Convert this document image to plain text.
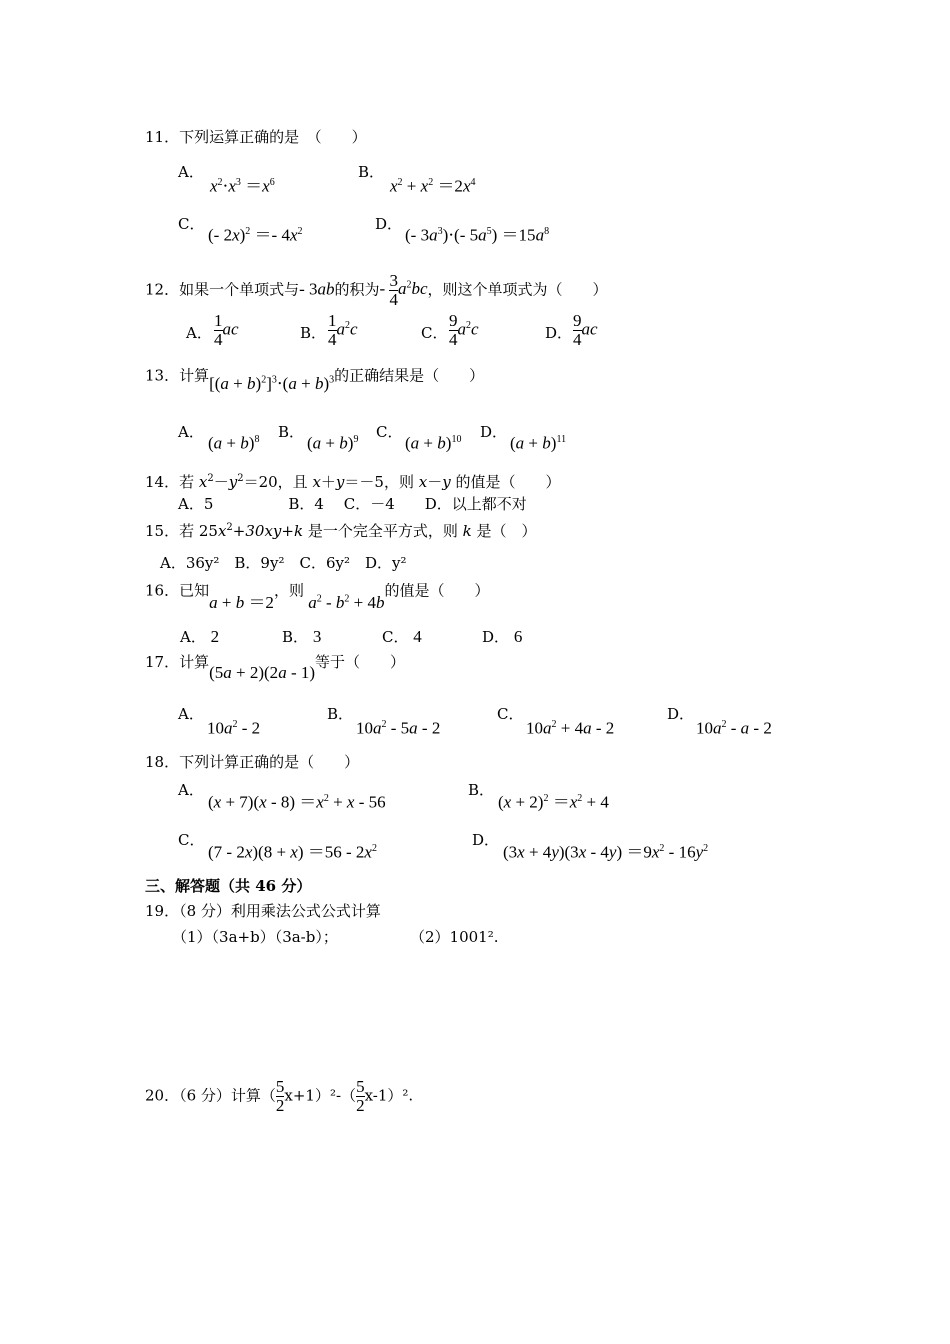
11．下列运算正确的是　（　　）
A．
$x^2\cdot x^3 =x^6$
B．
$x^2 + x^2 =2x^4$
C．
(- $2x)^2 =- 4x^2$	D．
(- $3a^3)\cdot(-$ $5a^5) =15a^8$
12．如果一个单项式与- 3ab的积为- $\frac{3}{4} a^2bc$，则这个单项式为（　　）
A． $\frac{1}{4}$ ac	B． $\frac{1}{4} a^2c$	C． $\frac{9}{4} a^2c$	D． $\frac{9}{4}$ ac
13．计算$[(a + b)^2]^3\cdot(a + b)^3$的正确结果是（　　）
A．
$(a + b)^8$ B．
$(a + b)^9$ C．
$(a + b)^{10}$ D．
$(a + b)^{11}$
14．若 $x^2-y^2=20$，且 x＋y＝－5，则 x－y 的值是（　　）
A．5　　　　　B．4　 C．－4　　D．以上都不对
15．若 $25x^2+30xy+k$ 是一个完全平方式，则 k 是（　）
A．36y²　B．9y²　C．6y²　D．y²
16．已知a + b ＝2，则 $a^2 - b^2 + 4b$的值是（　　）
A． 2	B． 3	C． 4	D． 6
17．计算(5a + 2)(2a - 1)等于（　　）
A．
$10a^2 - 2$
B．
$10a^2 - 5a - 2$
C．
$10a^2 + 4a - 2$
D．
$10a^2$ - a - 2
18．下列计算正确的是（　　）
A．
$(x + 7)(x - 8) =x^2 + x - 56$
B．
$(x + 2)^2 =x^2 + 4$
C．
$(7 - 2x)(8 + x) =56 - 2x^2$	D．
$(3x + 4y)(3x - 4y) =9x^2 - 16y^2$
三、解答题（共 46 分）
19．（8 分）利用乘法公式公式计算
（1）（3a+b）（3a-b）；	（2）1001².
20．（6 分）计算（ $\frac{5}{2} x+1)^2-( \frac{5}{2} x-1)^2$.
